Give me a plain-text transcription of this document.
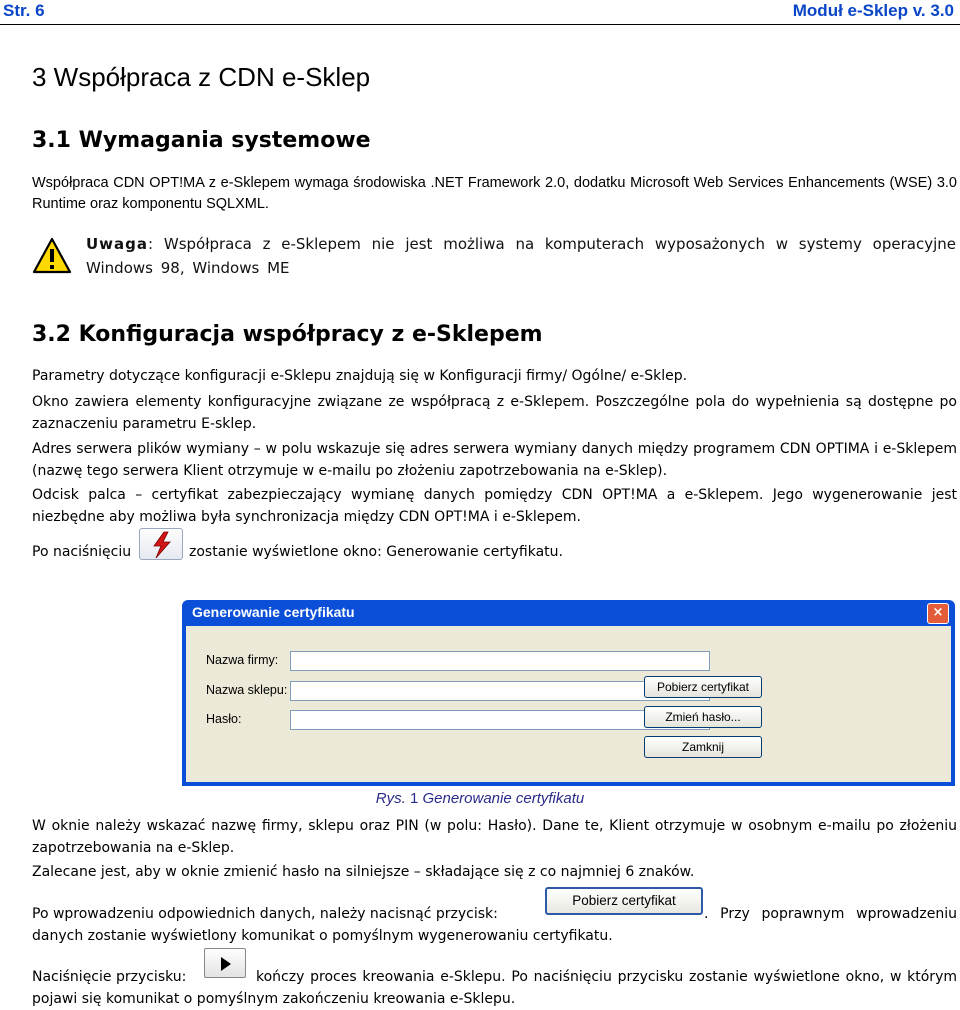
Str. 6	Moduł e-Sklep v. 3.0
3 Współpraca z CDN e-Sklep
3.1 Wymagania systemowe
Współpraca CDN OPT!MA z e-Sklepem wymaga środowiska .NET Framework 2.0, dodatku Microsoft Web Services Enhancements (WSE) 3.0 Runtime oraz komponentu SQLXML.
Uwaga: Współpraca z e-Sklepem nie jest możliwa na komputerach wyposażonych w systemy operacyjne Windows 98, Windows ME
3.2 Konfiguracja współpracy z e-Sklepem
Parametry dotyczące konfiguracji e-Sklepu znajdują się w Konfiguracji firmy/ Ogólne/ e-Sklep.
Okno zawiera elementy konfiguracyjne związane ze współpracą z e-Sklepem. Poszczególne pola do wypełnienia są dostępne po zaznaczeniu parametru E-sklep.
Adres serwera plików wymiany – w polu wskazuje się adres serwera wymiany danych między programem CDN OPTIMA i e-Sklepem (nazwę tego serwera Klient otrzymuje w e-mailu po złożeniu zapotrzebowania na e-Sklep).
Odcisk palca – certyfikat zabezpieczający wymianę danych pomiędzy CDN OPT!MA a e-Sklepem. Jego wygenerowanie jest niezbędne aby możliwa była synchronizacja między CDN OPT!MA i e-Sklepem.
Po naciśnięciu	zostanie wyświetlone okno: Generowanie certyfikatu.
Generowanie certyfikatu	×
Nazwa firmy:
Nazwa sklepu:
Hasło:
Pobierz certyfikat
Zmień hasło...
Zamknij
Rys. 1 Generowanie certyfikatu
W oknie należy wskazać nazwę firmy, sklepu oraz PIN (w polu: Hasło). Dane te, Klient otrzymuje w osobnym e-mailu po złożeniu zapotrzebowania na e-Sklep.
Zalecane jest, aby w oknie zmienić hasło na silniejsze – składające się z co najmniej 6 znaków.
Po wprowadzeniu odpowiednich danych, należy nacisnąć przycisk:
Pobierz certyfikat
. Przy poprawnym wprowadzeniu danych zostanie wyświetlony komunikat o pomyślnym wygenerowaniu certyfikatu.
Naciśnięcie przycisku:	kończy proces kreowania e-Sklepu. Po naciśnięciu przycisku zostanie wyświetlone okno, w którym pojawi się komunikat o pomyślnym zakończeniu kreowania e-Sklepu.
